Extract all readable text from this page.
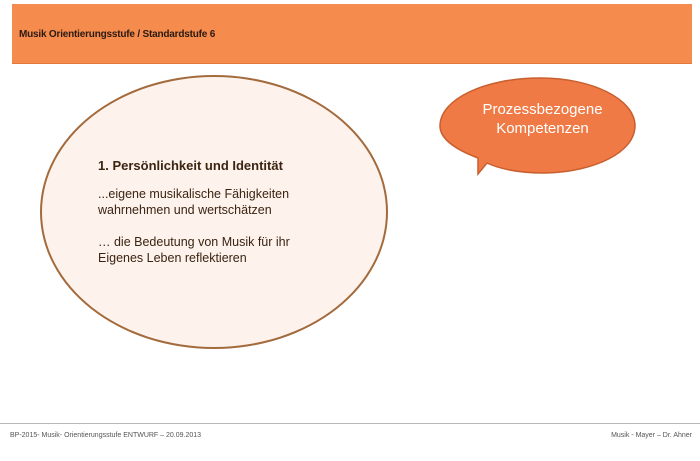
Musik Orientierungsstufe / Standardstufe 6
1. Persönlichkeit und Identität
...eigene musikalische Fähigkeiten
wahrnehmen und wertschätzen
… die Bedeutung von Musik für ihr
Eigenes Leben reflektieren
Prozessbezogene
Kompetenzen
BP-2015- Musik- Orientierungsstufe ENTWURF – 20.09.2013	Musik - Mayer – Dr. Ahner
